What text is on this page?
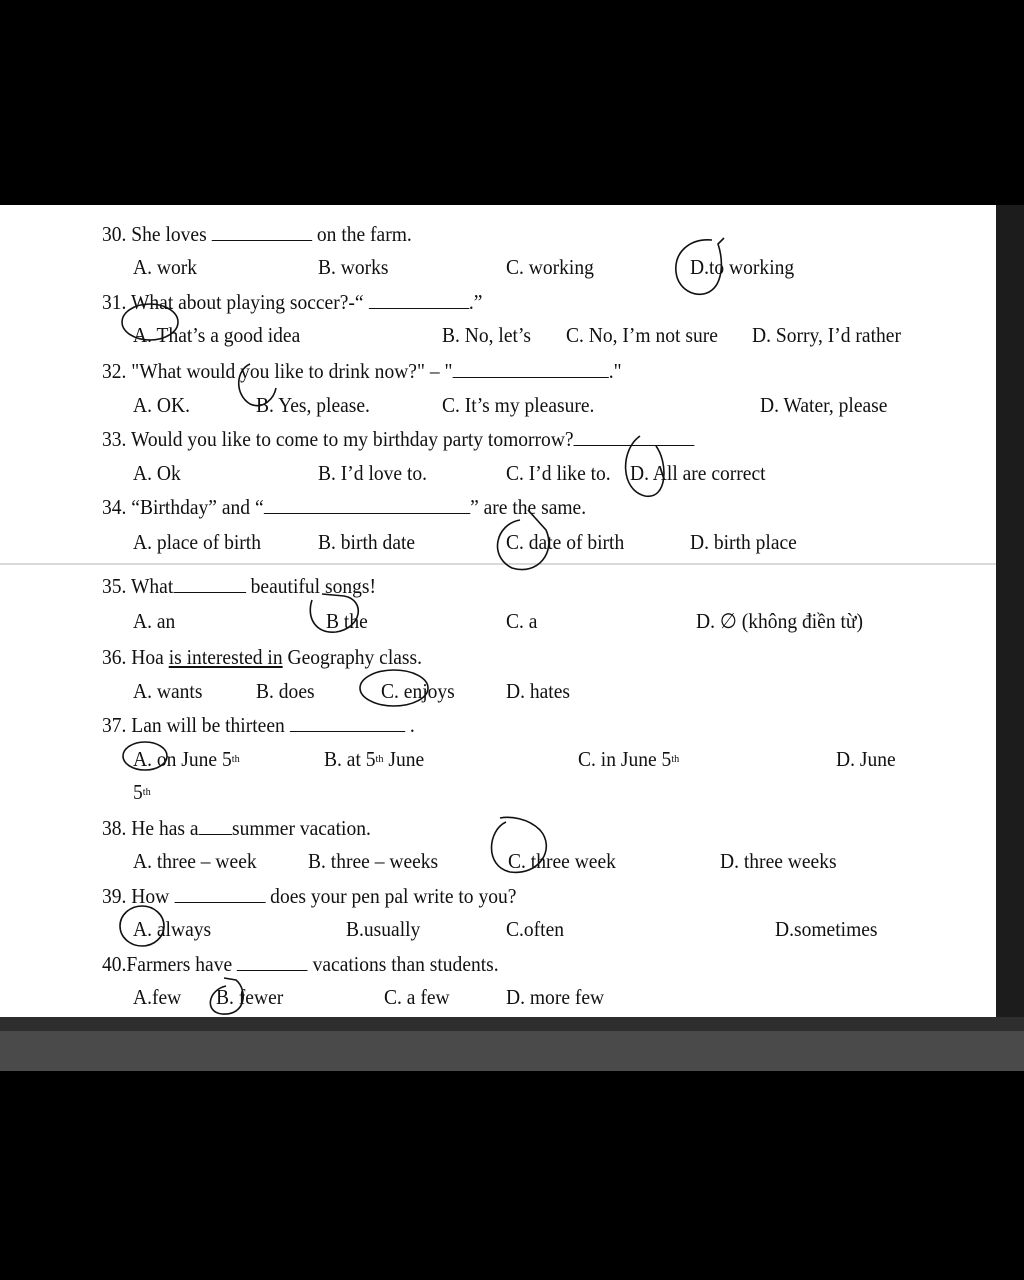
30. She loves	on the farm.
A. work	B. works	C. working	D.to working
31. What about playing soccer?-“	.”
A. That’s a good idea	B. No, let’s C. No, I’m not sure D. Sorry, I’d rather
32. "What would you like to drink now?" – "	."
A. OK.	B. Yes, please.	C. It’s my pleasure.	D. Water, please
33. Would you like to come to my birthday party tomorrow?
A. Ok	B. I’d love to.	C. I’d like to. D. All are correct
34. “Birthday” and “	” are the same.
A. place of birth	B. birth date	C. date of birth	D. birth place
35. What	beautiful songs!
A. an	B the	C. a	D. ∅ (không điền từ)
36. Hoa is interested in Geography class.
A. wants	B. does	C. enjoys D. hates
37. Lan will be thirteen	.
A. on June 5th	B. at 5th June	C. in June 5th	D. June
5th
38. He has a summer vacation.
A. three – week B. three – weeks	C. three week	D. three weeks
39. How	does your pen pal write to you?
A. always	B.usually	C.often	D.sometimes
40.Farmers have	vacations than students.
A.few B. fewer	C. a few	D. more few
